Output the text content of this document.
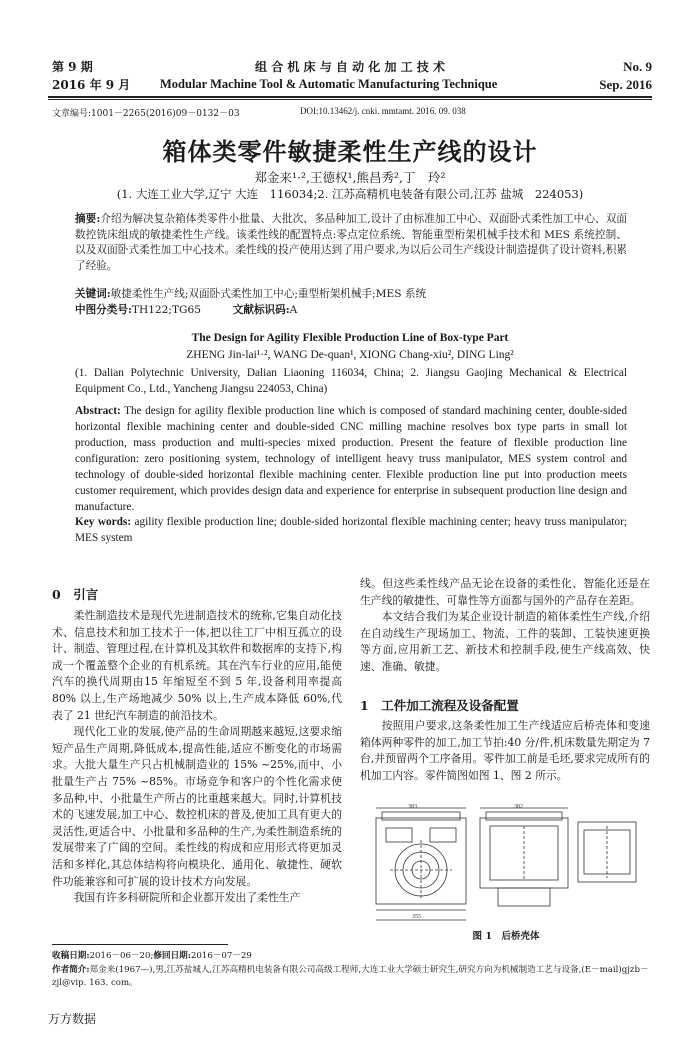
第 9 期
2016 年 9 月
组 合 机 床 与 自 动 化 加 工 技 术
Modular Machine Tool & Automatic Manufacturing Technique
No. 9
Sep. 2016
文章编号:1001－2265(2016)09－0132－03	DOI:10.13462/j. cnki. mmtamt. 2016. 09. 038
箱体类零件敏捷柔性生产线的设计
郑金来¹·²,王德权¹,熊昌秀²,丁　玲²
(1. 大连工业大学,辽宁 大连　116034;2. 江苏高精机电装备有限公司,江苏 盐城　224053)
摘要:介绍为解决复杂箱体类零件小批量、大批次、多品种加工,设计了由标准加工中心、双面卧式柔性加工中心、双面数控铣床组成的敏捷柔性生产线。该柔性线的配置特点:零点定位系统、智能重型桁架机械手技术和 MES 系统控制、以及双面卧式柔性加工中心技术。柔性线的投产使用达到了用户要求,为以后公司生产线设计制造提供了设计资料,积累了经验。
关键词:敏捷柔性生产线;双面卧式柔性加工中心;重型桁架机械手;MES 系统
中图分类号:TH122;TG65　　　	文献标识码:A
The Design for Agility Flexible Production Line of Box-type Part
ZHENG Jin-lai¹·², WANG De-quan¹, XIONG Chang-xiu², DING Ling²
(1. Dalian Polytechnic University, Dalian Liaoning 116034, China; 2. Jiangsu Gaojing Mechanical & Electrical Equipment Co., Ltd., Yancheng Jiangsu 224053, China)
Abstract: The design for agility flexible production line which is composed of standard machining center, double-sided horizontal flexible machining center and double-sided CNC milling machine resolves box type parts in small lot production, mass production and multi-species mixed production. Present the feature of flexible production line configuration: zero positioning system, technology of intelligent heavy truss manipulator, MES system control and technology of double-sided horizontal flexible machining center. Flexible production line put into production meets customer requirement, which provides design data and experience for enterprise in subsequent production line design and manufacture.
Key words: agility flexible production line; double-sided horizontal flexible machining center; heavy truss manipulator; MES system
0　引言

柔性制造技术是现代先进制造技术的统称,它集自动化技术、信息技术和加工技术于一体,把以往工厂中相互孤立的设计、制造、管理过程,在计算机及其软件和数据库的支持下,构成一个覆盖整个企业的有机系统。其在汽车行业的应用,能使汽车的换代周期由15 年缩短至不到 5 年,设备利用率提高 80% 以上,生产场地减少 50% 以上,生产成本降低 60%,代表了 21 世纪汽车制造的前沿技术。

现代化工业的发展,使产品的生命周期越来越短,这要求缩短产品生产周期,降低成本,提高性能,适应不断变化的市场需求。大批大量生产只占机械制造业的 15% ~25%,而中、小批量生产占 75% ~85%。市场竞争和客户的个性化需求使多品种,中、小批量生产所占的比重越来越大。同时,计算机技术的飞速发展,加工中心、数控机床的普及,使加工具有更大的灵活性,更适合中、小批量和多品种的生产,为柔性制造系统的发展带来了广阔的空间。柔性线的构成和应用形式将更加灵活和多样化,其总体结构将向模块化、通用化、敏捷性、硬软件功能兼容和可扩展的设计技术方向发展。

我国有许多科研院所和企业都开发出了柔性生产

线。但这些柔性线产品无论在设备的柔性化、智能化还是在生产线的敏捷性、可靠性等方面都与国外的产品存在差距。

本文结合我们为某企业设计制造的箱体柔性生产线,介绍在自动线生产现场加工、物流、工件的装卸、工装快速更换等方面,应用新工艺、新技术和控制手段,使生产线高效、快速、准确、敏捷。

1　工件加工流程及设备配置

按照用户要求,这条柔性加工生产线适应后桥壳体和变速箱体两种零件的加工,加工节拍:40 分/件,机床数量先期定为 7 台,并预留两个工序备用。零件加工前是毛坯,要求完成所有的机加工内容。零件简图如图 1、图 2 所示。

383	382
355
图 1　后桥壳体
收稿日期:2016－06－20;修回日期:2016－07－29
作者简介:郑金来(1967—),男,江苏盐城人,江苏高精机电装备有限公司高级工程师,大连工业大学硕士研究生,研究方向为机械制造工艺与设备,(E－mail)gjzb－zjl@vip. 163. com。
万方数据
